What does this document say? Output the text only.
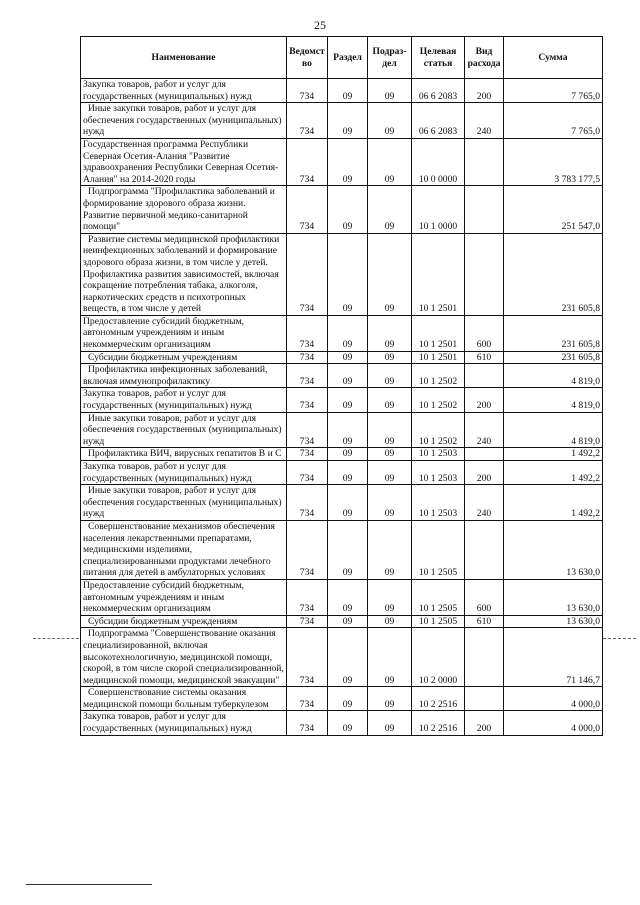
25
Наименование	Ведомст во	Раздел	Подраз- дел	Целевая статья	Вид расхода	Сумма
Закупка товаров, работ и услуг для государственных (муниципальных) нужд	734	09	09	06 6 2083	200	7 765,0
Иные закупки товаров, работ и услуг для обеспечения государственных (муниципальных) нужд	734	09	09	06 6 2083	240	7 765,0
Государственная программа Республики Северная Осетия-Алания "Развитие здравоохранения Республики Северная Осетия-Алания" на 2014-2020 годы	734	09	09	10 0 0000		3 783 177,5
Подпрограмма "Профилактика заболеваний и формирование здорового образа жизни. Развитие первичной медико-санитарной помощи"	734	09	09	10 1 0000		251 547,0
Развитие системы медицинской профилактики неинфекционных заболеваний и формирование здорового образа жизни, в том числе у детей. Профилактика развития зависимостей, включая сокращение потребления табака, алкоголя, наркотических средств и психотропных веществ, в том числе у детей	734	09	09	10 1 2501		231 605,8
Предоставление субсидий бюджетным, автономным учреждениям и иным некоммерческим организациям	734	09	09	10 1 2501	600	231 605,8
Субсидии бюджетным учреждениям	734	09	09	10 1 2501	610	231 605,8
Профилактика инфекционных заболеваний, включая иммунопрофилактику	734	09	09	10 1 2502		4 819,0
Закупка товаров, работ и услуг для государственных (муниципальных) нужд	734	09	09	10 1 2502	200	4 819,0
Иные закупки товаров, работ и услуг для обеспечения государственных (муниципальных) нужд	734	09	09	10 1 2502	240	4 819,0
Профилактика ВИЧ, вирусных гепатитов В и С	734	09	09	10 1 2503		1 492,2
Закупка товаров, работ и услуг для государственных (муниципальных) нужд	734	09	09	10 1 2503	200	1 492,2
Иные закупки товаров, работ и услуг для обеспечения государственных (муниципальных) нужд	734	09	09	10 1 2503	240	1 492,2
Совершенствование механизмов обеспечения населения лекарственными препаратами, медицинскими изделиями, специализированными продуктами лечебного питания для детей в амбулаторных условиях	734	09	09	10 1 2505		13 630,0
Предоставление субсидий бюджетным, автономным учреждениям и иным некоммерческим организациям	734	09	09	10 1 2505	600	13 630,0
Субсидии бюджетным учреждениям	734	09	09	10 1 2505	610	13 630,0
Подпрограмма "Совершенствование оказания специализированной, включая высокотехнологичную, медицинской помощи, скорой, в том числе скорой специализированной, медицинской помощи, медицинской эвакуации"	734	09	09	10 2 0000		71 146,7
Совершенствование системы оказания медицинской помощи больным туберкулезом	734	09	09	10 2 2516		4 000,0
Закупка товаров, работ и услуг для государственных (муниципальных) нужд	734	09	09	10 2 2516	200	4 000,0
